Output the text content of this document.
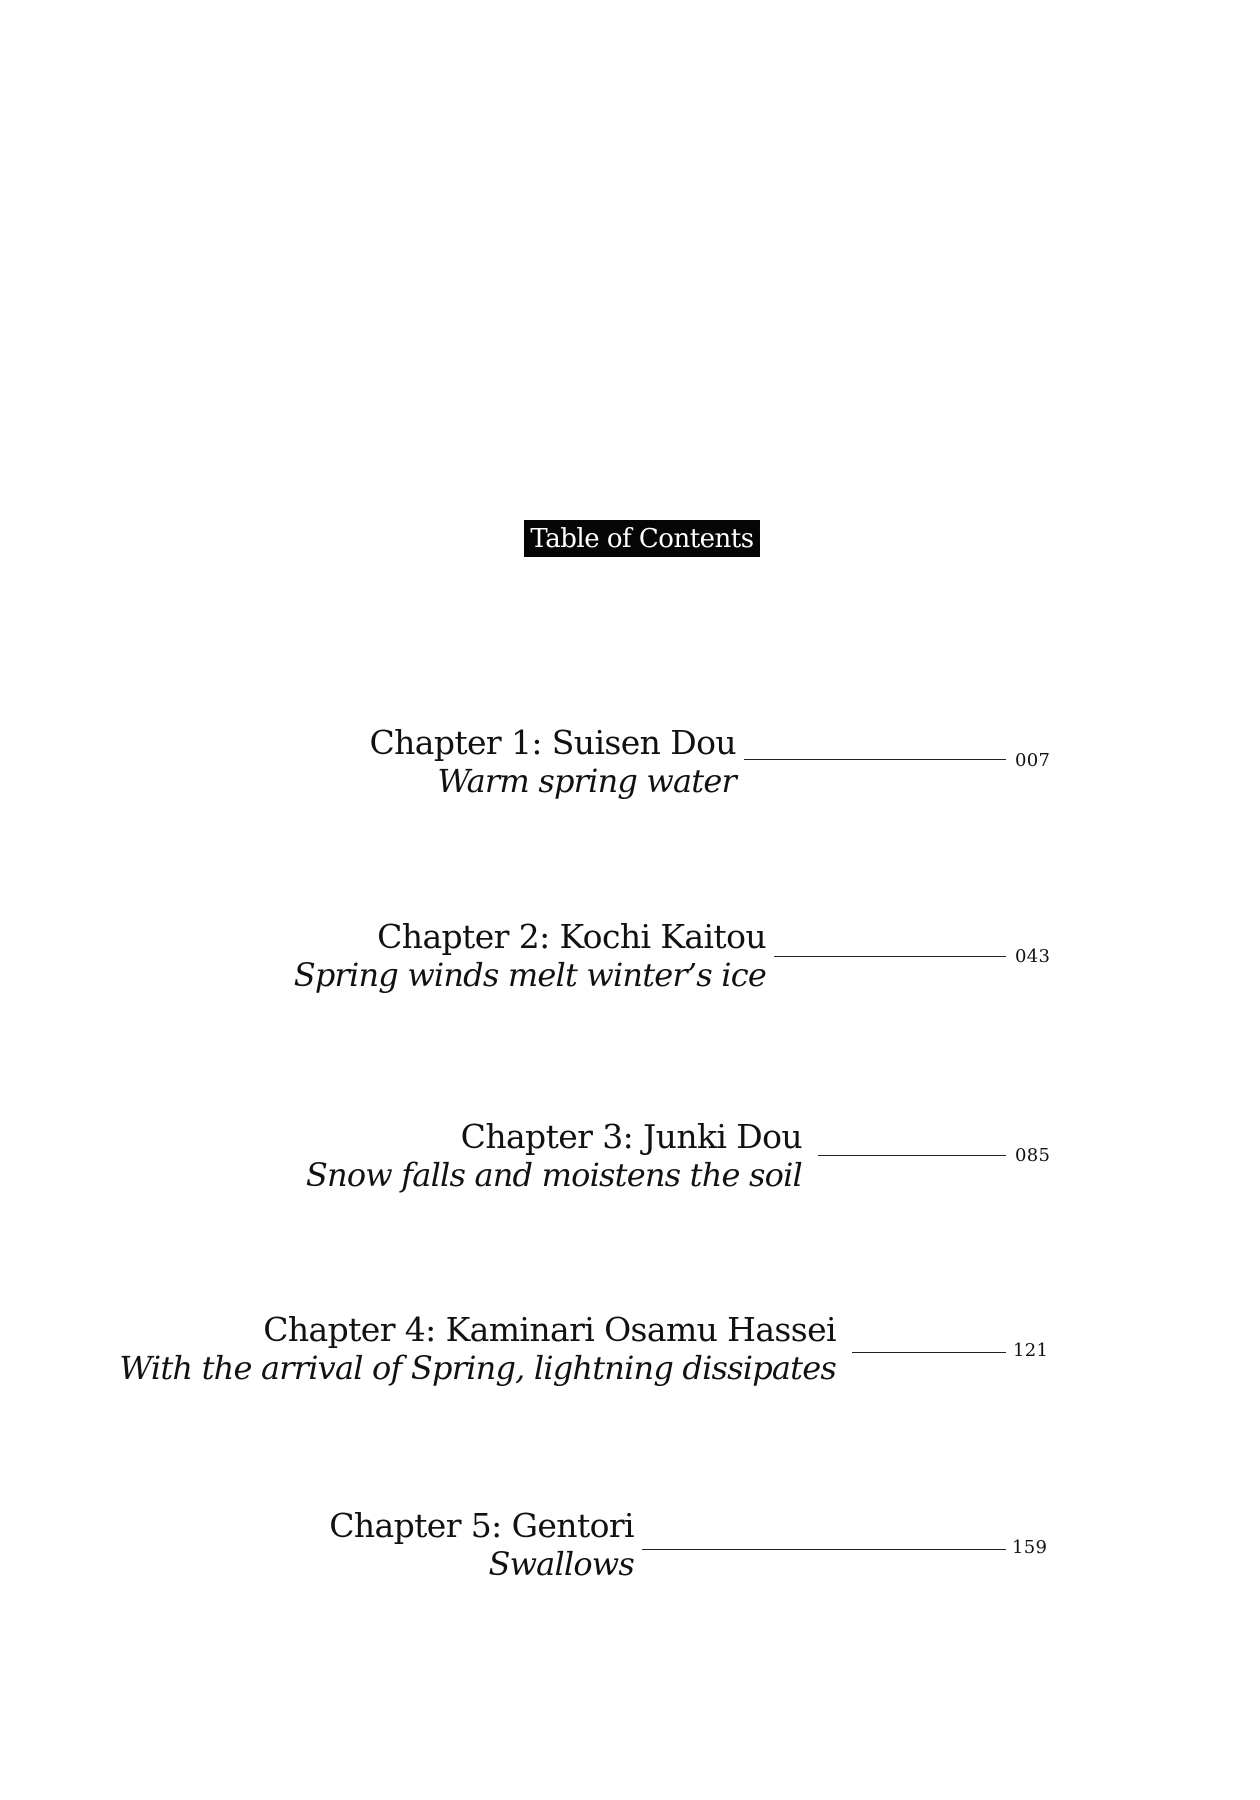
Table of Contents
Chapter 1: Suisen Dou
Warm spring water
007
Chapter 2: Kochi Kaitou
Spring winds melt winter’s ice	043
Chapter 3: Junki Dou
Snow falls and moistens the soil
085
Chapter 4: Kaminari Osamu Hassei
With the arrival of Spring, lightning dissipates	121
Chapter 5: Gentori
Swallows	159
